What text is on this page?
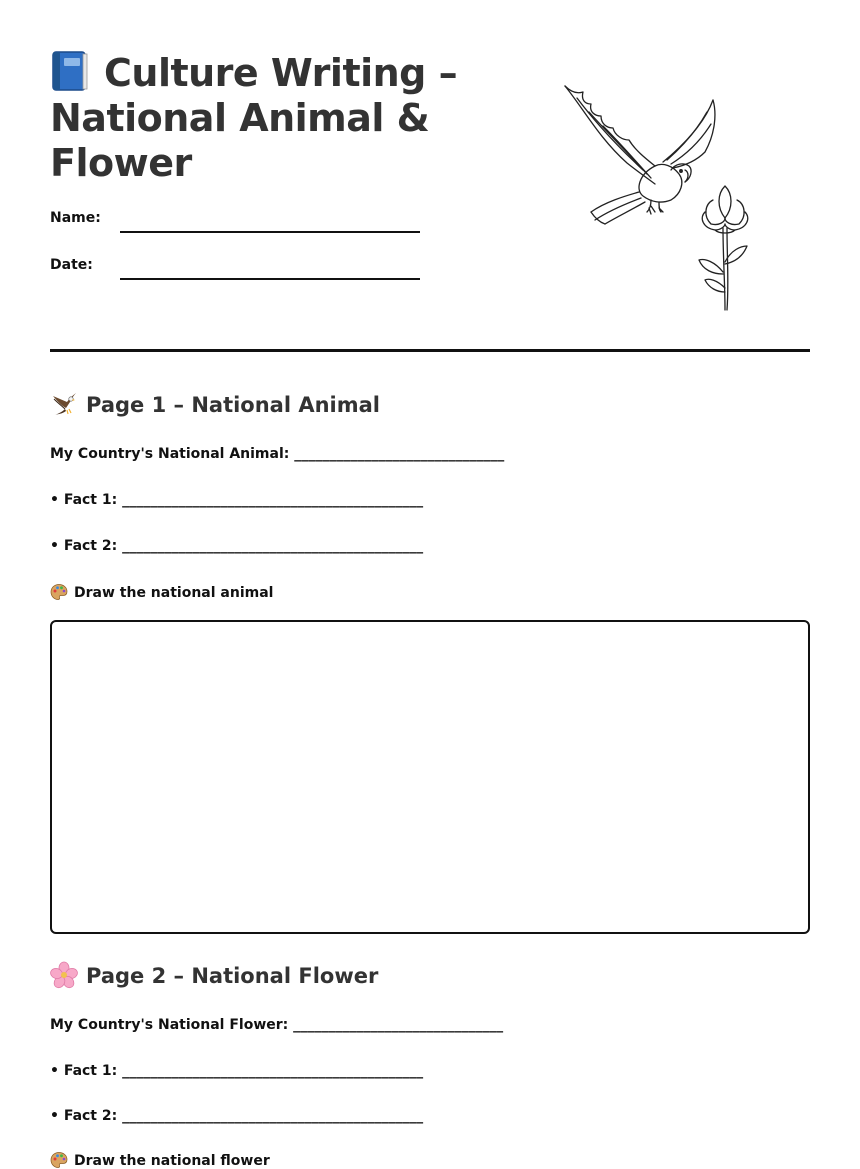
Culture Writing – National Animal & Flower
Name:
Date:
Page 1 – National Animal
My Country's National Animal: ______________________________
• Fact 1: ___________________________________________
• Fact 2: ___________________________________________
Draw the national animal
Page 2 – National Flower
My Country's National Flower: ______________________________
• Fact 1: ___________________________________________
• Fact 2: ___________________________________________
Draw the national flower
